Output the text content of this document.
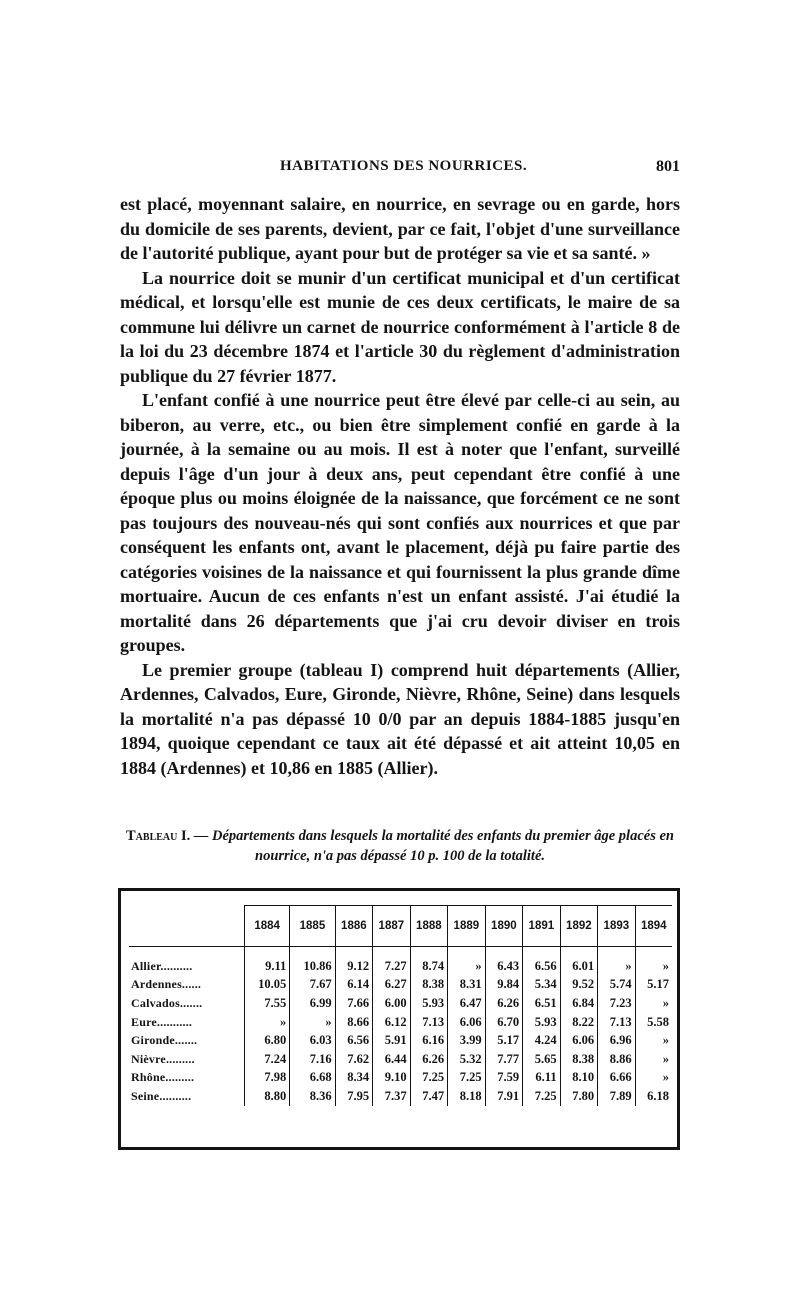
HABITATIONS DES NOURRICES.	801

est placé, moyennant salaire, en nourrice, en sevrage ou en garde, hors du domicile de ses parents, devient, par ce fait, l'objet d'une surveillance de l'autorité publique, ayant pour but de protéger sa vie et sa santé. »

La nourrice doit se munir d'un certificat municipal et d'un certificat médical, et lorsqu'elle est munie de ces deux certificats, le maire de sa commune lui délivre un carnet de nourrice conformément à l'article 8 de la loi du 23 décembre 1874 et l'article 30 du règlement d'administration publique du 27 février 1877.

L'enfant confié à une nourrice peut être élevé par celle-ci au sein, au biberon, au verre, etc., ou bien être simplement confié en garde à la journée, à la semaine ou au mois. Il est à noter que l'enfant, surveillé depuis l'âge d'un jour à deux ans, peut cependant être confié à une époque plus ou moins éloignée de la naissance, que forcément ce ne sont pas toujours des nouveau-nés qui sont confiés aux nourrices et que par conséquent les enfants ont, avant le placement, déjà pu faire partie des catégories voisines de la naissance et qui fournissent la plus grande dîme mortuaire. Aucun de ces enfants n'est un enfant assisté. J'ai étudié la mortalité dans 26 départements que j'ai cru devoir diviser en trois groupes.

Le premier groupe (tableau I) comprend huit départements (Allier, Ardennes, Calvados, Eure, Gironde, Nièvre, Rhône, Seine) dans lesquels la mortalité n'a pas dépassé 10 0/0 par an depuis 1884-1885 jusqu'en 1894, quoique cependant ce taux ait été dépassé et ait atteint 10,05 en 1884 (Ardennes) et 10,86 en 1885 (Allier).

Tableau I. — Départements dans lesquels la mortalité des enfants du premier âge placés en nourrice, n'a pas dépassé 10 p. 100 de la totalité.
	1884	1885	1886	1887	1888	1889	1890	1891	1892	1893	1894

Allier..........	9.11	10.86	9.12	7.27	8.74	»	6.43	6.56	6.01	»	»
Ardennes......	10.05	7.67	6.14	6.27	8.38	8.31	9.84	5.34	9.52	5.74	5.17
Calvados.......	7.55	6.99	7.66	6.00	5.93	6.47	6.26	6.51	6.84	7.23	»
Eure...........	»	»	8.66	6.12	7.13	6.06	6.70	5.93	8.22	7.13	5.58
Gironde.......	6.80	6.03	6.56	5.91	6.16	3.99	5.17	4.24	6.06	6.96	»
Nièvre.........	7.24	7.16	7.62	6.44	6.26	5.32	7.77	5.65	8.38	8.86	»
Rhône.........	7.98	6.68	8.34	9.10	7.25	7.25	7.59	6.11	8.10	6.66	»
Seine..........	8.80	8.36	7.95	7.37	7.47	8.18	7.91	7.25	7.80	7.89	6.18
